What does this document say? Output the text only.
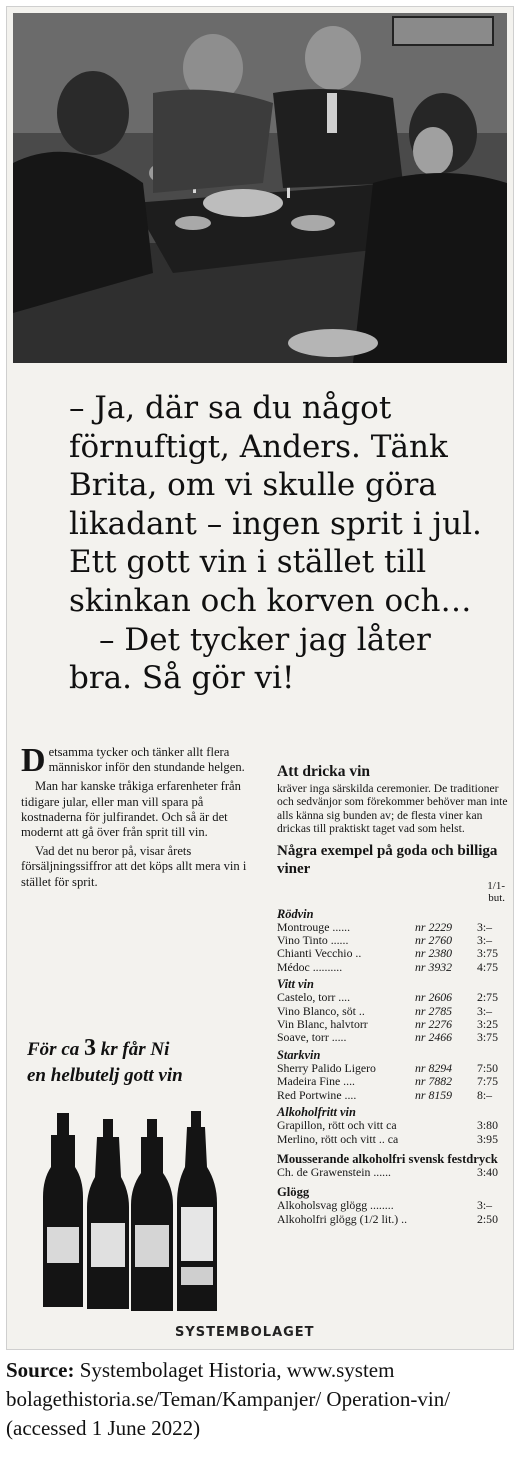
– Ja, där sa du något
förnuftigt, Anders. Tänk
Brita, om vi skulle göra
likadant – ingen sprit i jul.
Ett gott vin i stället till
skinkan och korven och…
– Det tycker jag låter
bra. Så gör vi!

Detsamma tycker och tänker allt flera människor inför den stundande helgen.

Man har kanske tråkiga erfarenheter från tidigare jular, eller man vill spara på kostnaderna för julfirandet. Och så är det modernt att gå över från sprit till vin.

Vad det nu beror på, visar årets försäljningssiffror att det köps allt mera vin i stället för sprit.

För ca 3 kr får Ni
en helbutelj gott vin
SYSTEMBOLAGET
Att dricka vin
kräver inga särskilda ceremonier. De traditioner och sedvänjor som förekommer behöver man inte alls känna sig bunden av; de flesta viner kan drickas till praktiskt taget vad som helst.
Några exempel på goda och billiga viner
1/1-
but.
Rödvin
Montrouge ......	nr 2229	3:–
Vino Tinto ......	nr 2760	3:–
Chianti Vecchio ..	nr 2380	3:75
Médoc ..........	nr 3932	4:75
Vitt vin
Castelo, torr ....	nr 2606	2:75
Vino Blanco, söt ..	nr 2785	3:–
Vin Blanc, halvtorr	nr 2276	3:25
Soave, torr .....	nr 2466	3:75
Starkvin
Sherry Palido Ligero	nr 8294	7:50
Madeira Fine ....	nr 7882	7:75
Red Portwine ....	nr 8159	8:–
Alkoholfritt vin
Grapillon, rött och vitt ca	3:80
Merlino, rött och vitt .. ca	3:95
Mousserande alkoholfri svensk festdryck
Ch. de Grawenstein ......	3:40
Glögg
Alkoholsvag glögg ........	3:–
Alkoholfri glögg (1/2 lit.) ..	2:50
Source: Systembolaget Historia, www.system bolagethistoria.se/Teman/Kampanjer/ Operation-vin/ (accessed 1 June 2022)
